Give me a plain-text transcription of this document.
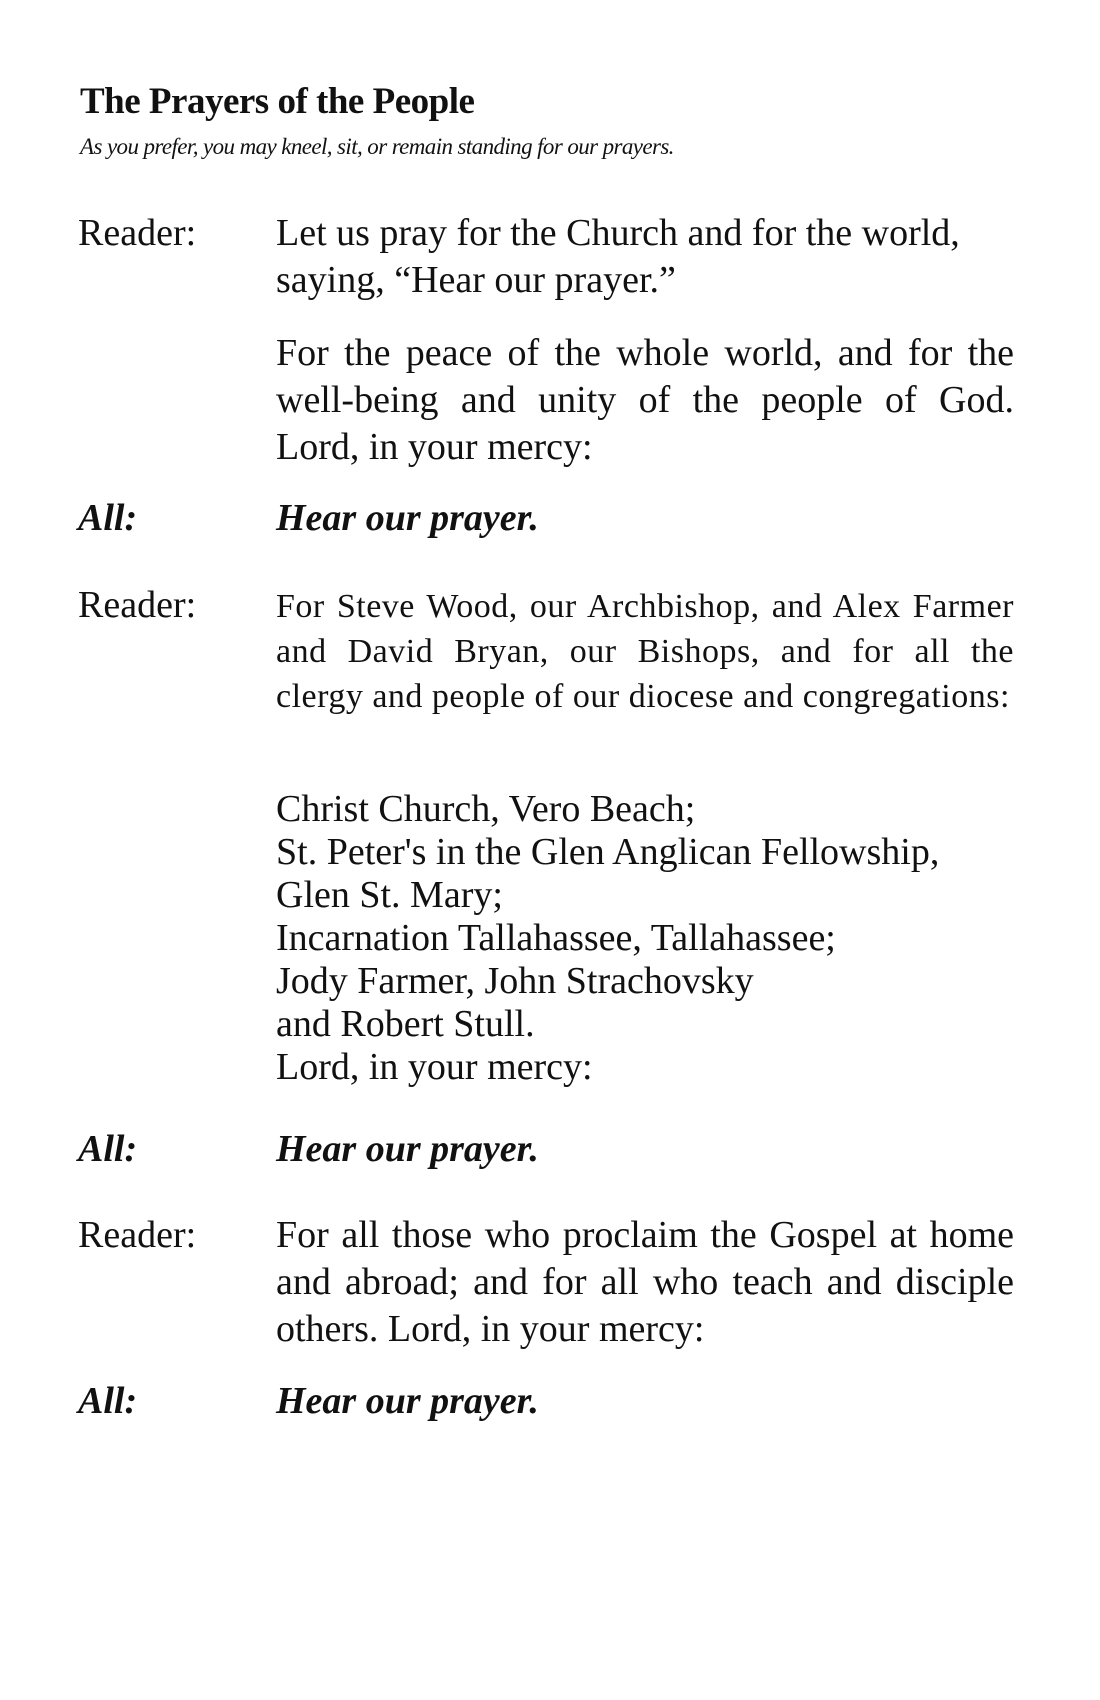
The Prayers of the People
As you prefer, you may kneel, sit, or remain standing for our prayers.
Reader: Let us pray for the Church and for the world, saying, “Hear our prayer.”
For the peace of the whole world, and for the well-being and unity of the people of God. Lord, in your mercy:
All:	Hear our prayer.
Reader: For Steve Wood, our Archbishop, and Alex Farmer and David Bryan, our Bishops, and for all the clergy and people of our diocese and congregations:
Christ Church, Vero Beach;
St. Peter's in the Glen Anglican Fellowship,
Glen St. Mary;
Incarnation Tallahassee, Tallahassee;
Jody Farmer, John Strachovsky
and Robert Stull.
Lord, in your mercy:
All:	Hear our prayer.
Reader: For all those who proclaim the Gospel at home and abroad; and for all who teach and disciple others. Lord, in your mercy:
All:	Hear our prayer.
